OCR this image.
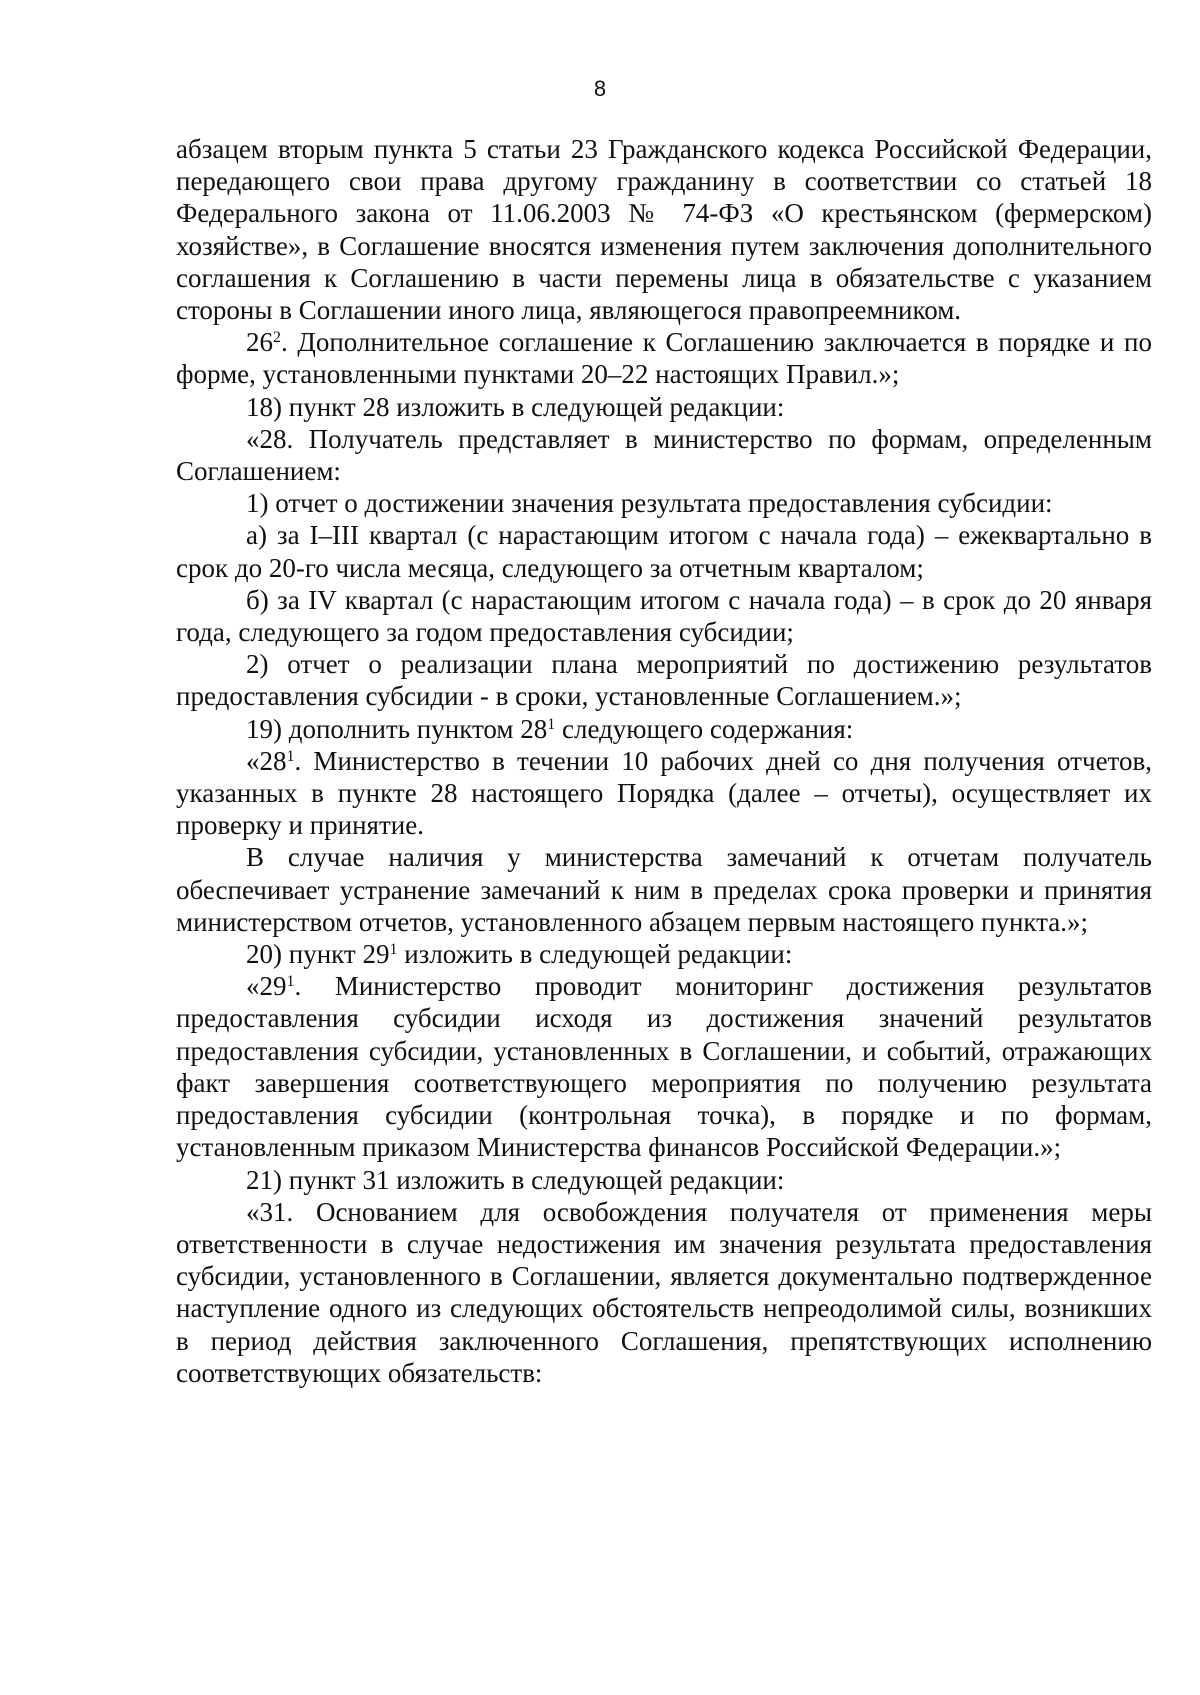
8

абзацем вторым пункта 5 статьи 23 Гражданского кодекса Российской Федерации, передающего свои права другому гражданину в соответствии со статьей 18 Федерального закона от 11.06.2003 № 74-ФЗ «О крестьянском (фермерском) хозяйстве», в Соглашение вносятся изменения путем заключения дополнительного соглашения к Соглашению в части перемены лица в обязательстве с указанием стороны в Соглашении иного лица, являющегося правопреемником.

$26^2$. Дополнительное соглашение к Соглашению заключается в порядке и по форме, установленными пунктами 20–22 настоящих Правил.»;

18) пункт 28 изложить в следующей редакции:

«28. Получатель представляет в министерство по формам, определенным Соглашением:

1) отчет о достижении значения результата предоставления субсидии:

а) за I–III квартал (с нарастающим итогом с начала года) – ежеквартально в срок до 20-го числа месяца, следующего за отчетным кварталом;

б) за IV квартал (с нарастающим итогом с начала года) – в срок до 20 января года, следующего за годом предоставления субсидии;

2) отчет о реализации плана мероприятий по достижению результатов предоставления субсидии - в сроки, установленные Соглашением.»;

19) дополнить пунктом $28^1$ следующего содержания:

«$28^1$. Министерство в течении 10 рабочих дней со дня получения отчетов, указанных в пункте 28 настоящего Порядка (далее – отчеты), осуществляет их проверку и принятие.

В случае наличия у министерства замечаний к отчетам получатель обеспечивает устранение замечаний к ним в пределах срока проверки и принятия министерством отчетов, установленного абзацем первым настоящего пункта.»;

20) пункт $29^1$ изложить в следующей редакции:

«$29^1$. Министерство проводит мониторинг достижения результатов предоставления субсидии исходя из достижения значений результатов предоставления субсидии, установленных в Соглашении, и событий, отражающих факт завершения соответствующего мероприятия по получению результата предоставления субсидии (контрольная точка), в порядке и по формам, установленным приказом Министерства финансов Российской Федерации.»;

21) пункт 31 изложить в следующей редакции:

«31. Основанием для освобождения получателя от применения меры ответственности в случае недостижения им значения результата предоставления субсидии, установленного в Соглашении, является документально подтвержденное наступление одного из следующих обстоятельств непреодолимой силы, возникших в период действия заключенного Соглашения, препятствующих исполнению соответствующих обязательств:
